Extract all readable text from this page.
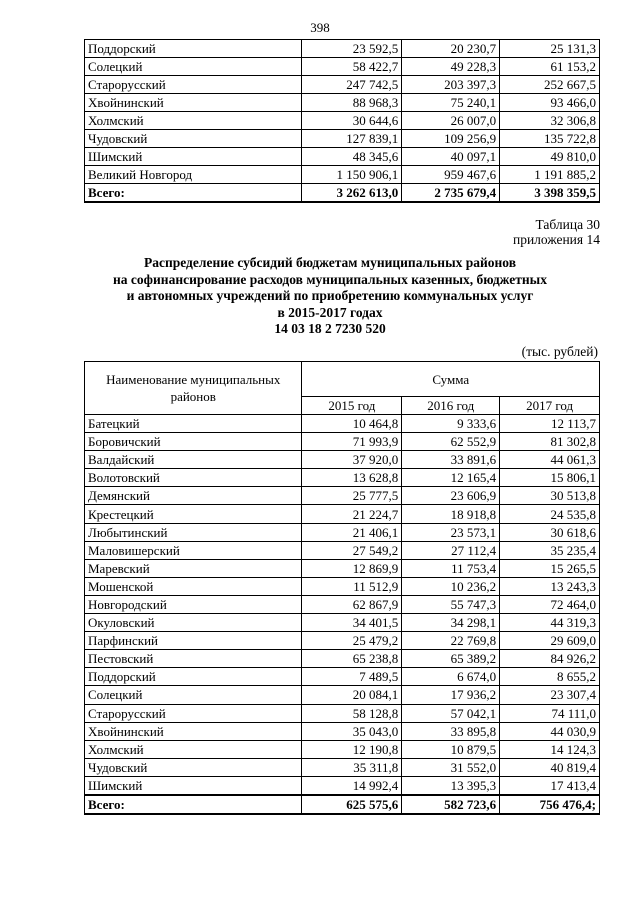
398
Поддорский	23 592,5	20 230,7	25 131,3
Солецкий	58 422,7	49 228,3	61 153,2
Старорусский	247 742,5	203 397,3	252 667,5
Хвойнинский	88 968,3	75 240,1	93 466,0
Холмский	30 644,6	26 007,0	32 306,8
Чудовский	127 839,1	109 256,9	135 722,8
Шимский	48 345,6	40 097,1	49 810,0
Великий Новгород	1 150 906,1	959 467,6	1 191 885,2
Всего:	3 262 613,0	2 735 679,4	3 398 359,5
Таблица 30
приложения 14
Распределение субсидий бюджетам муниципальных районов
на софинансирование расходов муниципальных казенных, бюджетных
и автономных учреждений по приобретению коммунальных услуг
в 2015-2017 годах
14 03 18 2 7230 520
(тыс. рублей)
Наименование муниципальных районов	Сумма		
	2015 год	2016 год	2017 год
Батецкий	10 464,8	9 333,6	12 113,7
Боровичский	71 993,9	62 552,9	81 302,8
Валдайский	37 920,0	33 891,6	44 061,3
Волотовский	13 628,8	12 165,4	15 806,1
Демянский	25 777,5	23 606,9	30 513,8
Крестецкий	21 224,7	18 918,8	24 535,8
Любытинский	21 406,1	23 573,1	30 618,6
Маловишерский	27 549,2	27 112,4	35 235,4
Маревский	12 869,9	11 753,4	15 265,5
Мошенской	11 512,9	10 236,2	13 243,3
Новгородский	62 867,9	55 747,3	72 464,0
Окуловский	34 401,5	34 298,1	44 319,3
Парфинский	25 479,2	22 769,8	29 609,0
Пестовский	65 238,8	65 389,2	84 926,2
Поддорский	7 489,5	6 674,0	8 655,2
Солецкий	20 084,1	17 936,2	23 307,4
Старорусский	58 128,8	57 042,1	74 111,0
Хвойнинский	35 043,0	33 895,8	44 030,9
Холмский	12 190,8	10 879,5	14 124,3
Чудовский	35 311,8	31 552,0	40 819,4
Шимский	14 992,4	13 395,3	17 413,4
Всего:	625 575,6	582 723,6	756 476,4;
